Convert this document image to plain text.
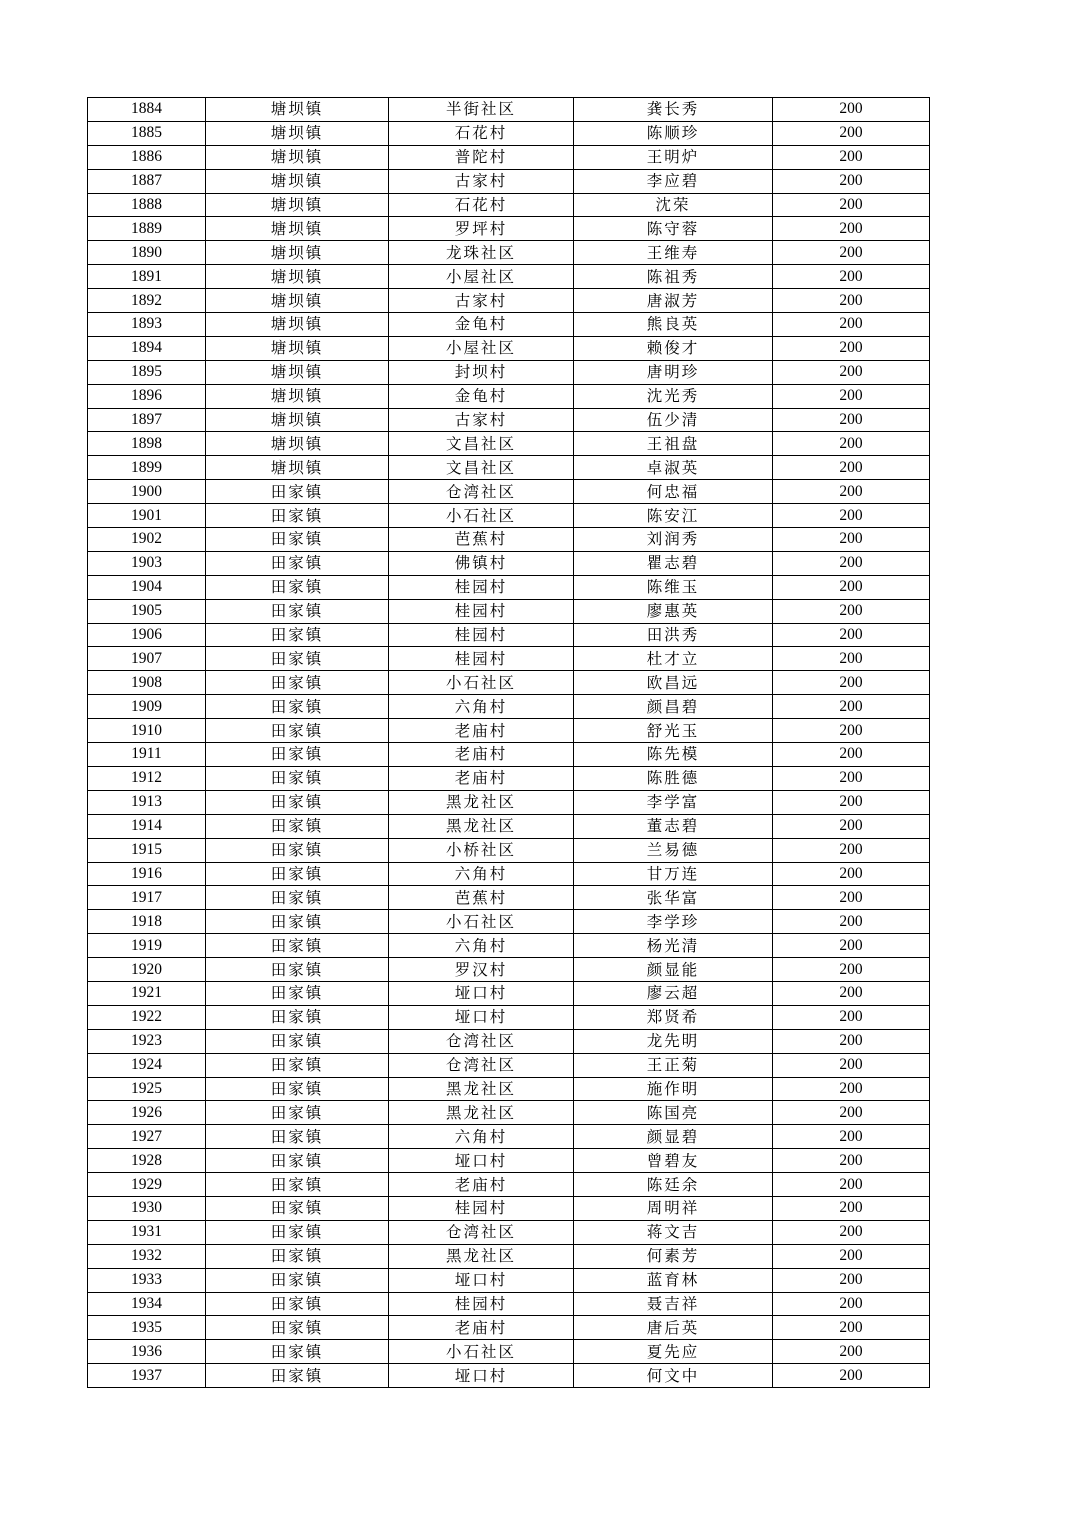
1884	塘坝镇	半街社区	龚长秀	200
1885	塘坝镇	石花村	陈顺珍	200
1886	塘坝镇	普陀村	王明炉	200
1887	塘坝镇	古家村	李应碧	200
1888	塘坝镇	石花村	沈荣	200
1889	塘坝镇	罗坪村	陈守蓉	200
1890	塘坝镇	龙珠社区	王维寿	200
1891	塘坝镇	小屋社区	陈祖秀	200
1892	塘坝镇	古家村	唐淑芳	200
1893	塘坝镇	金龟村	熊良英	200
1894	塘坝镇	小屋社区	赖俊才	200
1895	塘坝镇	封坝村	唐明珍	200
1896	塘坝镇	金龟村	沈光秀	200
1897	塘坝镇	古家村	伍少清	200
1898	塘坝镇	文昌社区	王祖盘	200
1899	塘坝镇	文昌社区	卓淑英	200
1900	田家镇	仓湾社区	何忠福	200
1901	田家镇	小石社区	陈安江	200
1902	田家镇	芭蕉村	刘润秀	200
1903	田家镇	佛镇村	瞿志碧	200
1904	田家镇	桂园村	陈维玉	200
1905	田家镇	桂园村	廖惠英	200
1906	田家镇	桂园村	田洪秀	200
1907	田家镇	桂园村	杜才立	200
1908	田家镇	小石社区	欧昌远	200
1909	田家镇	六角村	颜昌碧	200
1910	田家镇	老庙村	舒光玉	200
1911	田家镇	老庙村	陈先模	200
1912	田家镇	老庙村	陈胜德	200
1913	田家镇	黑龙社区	李学富	200
1914	田家镇	黑龙社区	董志碧	200
1915	田家镇	小桥社区	兰易德	200
1916	田家镇	六角村	甘万连	200
1917	田家镇	芭蕉村	张华富	200
1918	田家镇	小石社区	李学珍	200
1919	田家镇	六角村	杨光清	200
1920	田家镇	罗汉村	颜显能	200
1921	田家镇	垭口村	廖云超	200
1922	田家镇	垭口村	郑贤希	200
1923	田家镇	仓湾社区	龙先明	200
1924	田家镇	仓湾社区	王正菊	200
1925	田家镇	黑龙社区	施作明	200
1926	田家镇	黑龙社区	陈国亮	200
1927	田家镇	六角村	颜显碧	200
1928	田家镇	垭口村	曾碧友	200
1929	田家镇	老庙村	陈廷余	200
1930	田家镇	桂园村	周明祥	200
1931	田家镇	仓湾社区	蒋文吉	200
1932	田家镇	黑龙社区	何素芳	200
1933	田家镇	垭口村	蓝育林	200
1934	田家镇	桂园村	聂吉祥	200
1935	田家镇	老庙村	唐后英	200
1936	田家镇	小石社区	夏先应	200
1937	田家镇	垭口村	何文中	200
